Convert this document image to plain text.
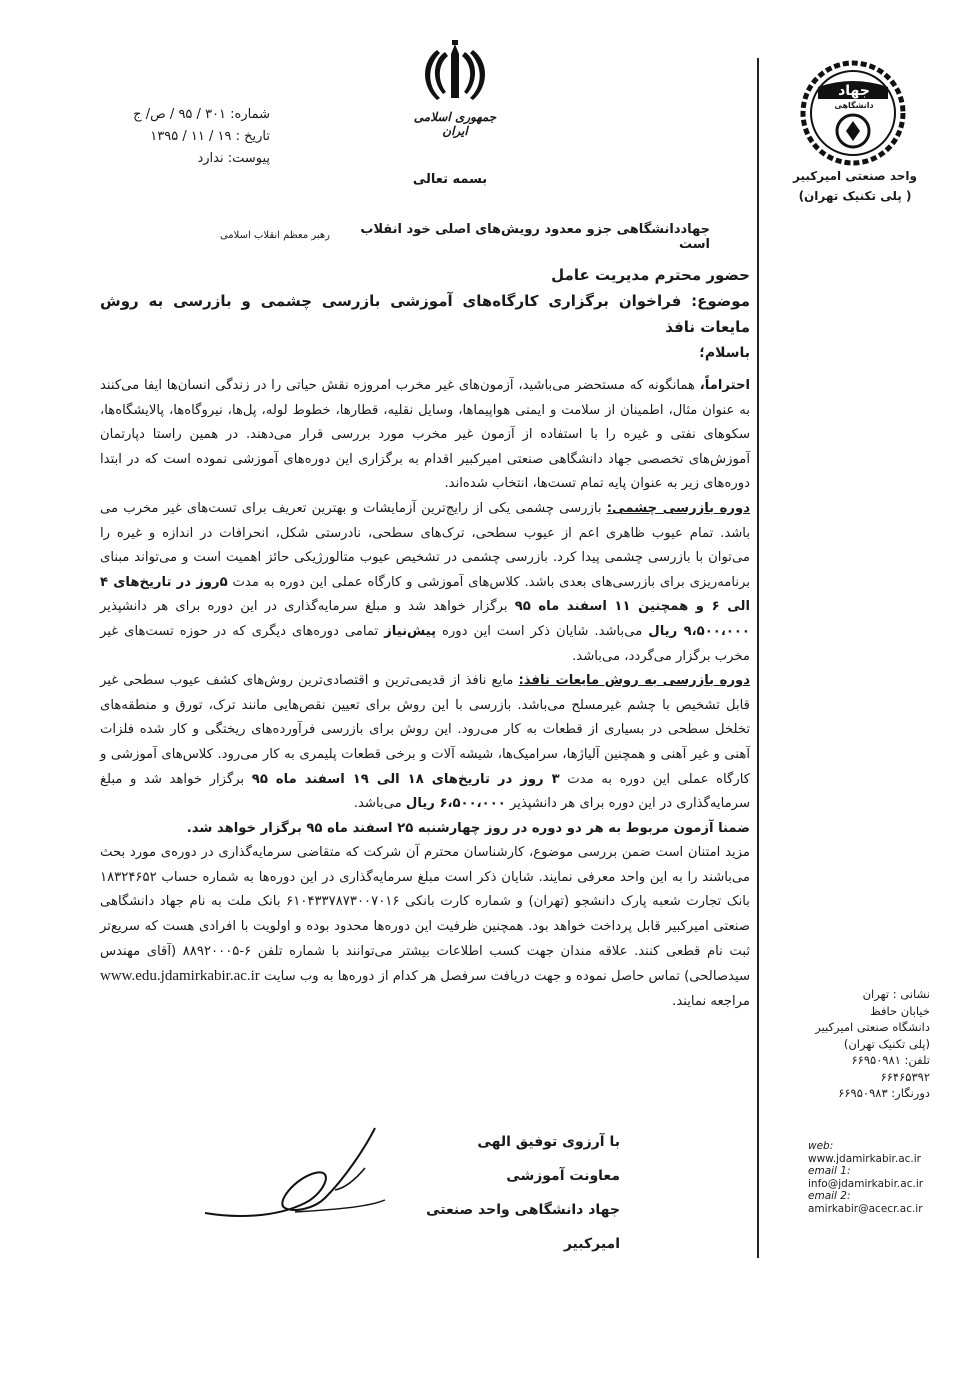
شماره: ۳۰۱ / ۹۵ / ص/ ج
تاریخ : ۱۹ / ۱۱ / ۱۳۹۵
پیوست: ندارد
جمهوری اسلامی ایران
بسمه تعالی
جهاددانشگاهی جزو معدود رویش‌های اصلی خود انقلاب است
رهبر معظم انقلاب اسلامی
جهاد
دانشگاهی
واحد صنعتی امیرکبیر
( پلی تکنیک تهران)

حضور محترم مدیریت عامل

موضوع: فراخوان برگزاری کارگاه‌های آموزشی بازرسی چشمی و بازرسی به روش مایعات نافذ

باسلام؛

احتراماً، همانگونه که مستحضر می‌باشید، آزمون‌های غیر مخرب امروزه نقش حیاتی را در زندگی انسان‌ها ایفا می‌کنند به عنوان مثال، اطمینان از سلامت و ایمنی هواپیماها، وسایل نقلیه، قطارها، خطوط لوله، پل‌ها، نیروگاه‌ها، پالایشگاه‌ها، سکوهای نفتی و غیره را با استفاده از آزمون غیر مخرب مورد بررسی قرار می‌دهند. در همین راستا دپارتمان آموزش‌های تخصصی جهاد دانشگاهی صنعتی امیرکبیر اقدام به برگزاری این دوره‌های آموزشی نموده است که در ابتدا دوره‌های زیر به عنوان پایه تمام تست‌ها، انتخاب شده‌اند.

دوره بازرسی چشمی: بازرسی چشمی یکی از رایج‌ترین آزمایشات و بهترین تعریف برای تست‌های غیر مخرب می باشد. تمام عیوب ظاهری اعم از عیوب سطحی، ترک‌های سطحی، نادرستی شکل، انحرافات در اندازه و غیره را می‌توان با بازرسی چشمی پیدا کرد. بازرسی چشمی در تشخیص عیوب متالورژیکی حائز اهمیت است و می‌تواند مبنای برنامه‌ریزی برای بازرسی‌های بعدی باشد. کلاس‌های آموزشی و کارگاه عملی این دوره به مدت ۵روز در تاریخ‌های ۴ الی ۶ و همچنین ۱۱ اسفند ماه ۹۵ برگزار خواهد شد و مبلغ سرمایه‌گذاری در این دوره برای هر دانشپذیر ۹،۵۰۰،۰۰۰ ریال می‌باشد. شایان ذکر است این دوره پیش‌نیاز تمامی دوره‌های دیگری که در حوزه تست‌های غیر مخرب برگزار می‌گردد، می‌باشد.

دوره بازرسی به روش مایعات نافذ: مایع نافذ از قدیمی‌ترین و اقتصادی‌ترین روش‌های کشف عیوب سطحی غیر قابل تشخیص با چشم غیرمسلح می‌باشد. بازرسی با این روش برای تعیین نقص‌هایی مانند ترک، تورق و منطقه‌های تخلخل سطحی در بسیاری از قطعات به کار می‌رود. این روش برای بازرسی فرآورده‌های ریختگی و کار شده فلزات آهنی و غیر آهنی و همچنین آلیاژها، سرامیک‌ها، شیشه آلات و برخی قطعات پلیمری به کار می‌رود. کلاس‌های آموزشی و کارگاه عملی این دوره به مدت ۳ روز در تاریخ‌های ۱۸ الی ۱۹ اسفند ماه ۹۵ برگزار خواهد شد و مبلغ سرمایه‌گذاری در این دوره برای هر دانشپذیر ۶،۵۰۰،۰۰۰ ریال می‌باشد.

ضمنا آزمون مربوط به هر دو دوره در روز چهارشنبه ۲۵ اسفند ماه ۹۵ برگزار خواهد شد.

مزید امتنان است ضمن بررسی موضوع، کارشناسان محترم آن شرکت که متقاضی سرمایه‌گذاری در دوره‌ی مورد بحث می‌باشند را به این واحد معرفی نمایند. شایان ذکر است مبلغ سرمایه‌گذاری در این دوره‌ها به شماره حساب ۱۸۳۲۴۶۵۲ بانک تجارت شعبه پارک دانشجو (تهران) و شماره کارت بانکی ۶۱۰۴۳۳۷۸۷۳۰۰۷۰۱۶ بانک ملت به نام جهاد دانشگاهی صنعتی امیرکبیر قابل پرداخت خواهد بود. همچنین ظرفیت این دوره‌ها محدود بوده و اولویت با افرادی هست که سریع‌تر ثبت نام قطعی کنند. علاقه مندان جهت کسب اطلاعات بیشتر می‌توانند با شماره تلفن ۶-۸۸۹۲۰۰۰۵ (آقای مهندس سیدصالحی) تماس حاصل نموده و جهت دریافت سرفصل هر کدام از دوره‌ها به وب سایت www.edu.jdamirkabir.ac.ir مراجعه نمایند.

با آرزوی توفیق الهی
معاونت آموزشی
جهاد دانشگاهی واحد صنعتی امیرکبیر
نشانی : تهران
خیابان حافظ
دانشگاه صنعتی امیرکبیر
(پلی تکنیک تهران)
تلفن: ۶۶۹۵۰۹۸۱
۶۶۴۶۵۳۹۲
دورنگار: ۶۶۹۵۰۹۸۳
web:
www.jdamirkabir.ac.ir
email 1:
info@jdamirkabir.ac.ir
email 2:
amirkabir@acecr.ac.ir
